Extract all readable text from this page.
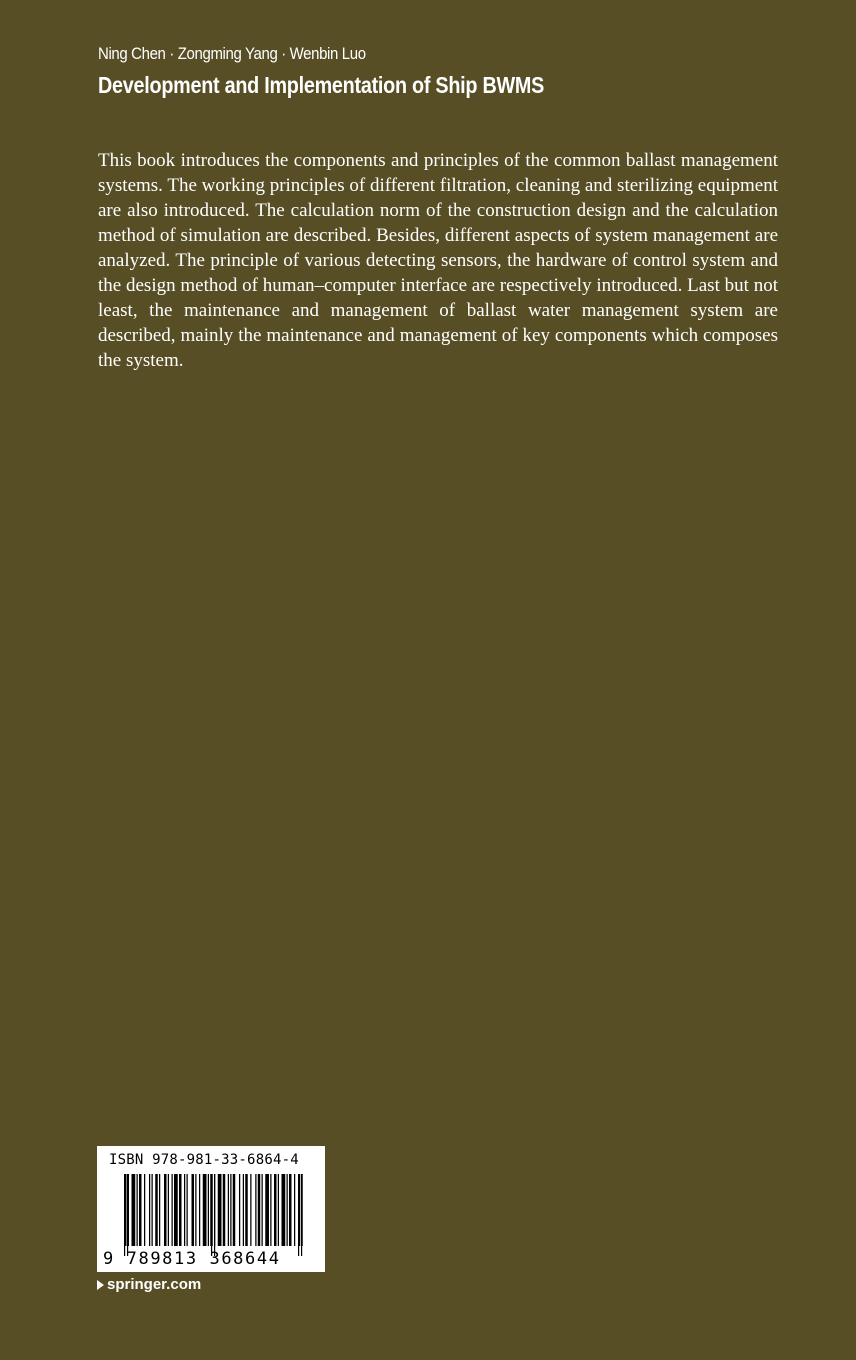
Ning Chen · Zongming Yang · Wenbin Luo
Development and Implementation of Ship BWMS

This book introduces the components and principles of the common ballast management systems. The working principles of different filtration, cleaning and sterilizing equipment are also introduced. The calculation norm of the construction design and the calculation method of simulation are described. Besides, different aspects of system management are analyzed. The principle of various detecting sensors, the hardware of control system and the design method of human–computer interface are respectively introduced. Last but not least, the maintenance and management of ballast water management system are described, mainly the maintenance and management of key components which composes the system.

ISBN 978-981-33-6864-4
9 789813 368644
springer.com
